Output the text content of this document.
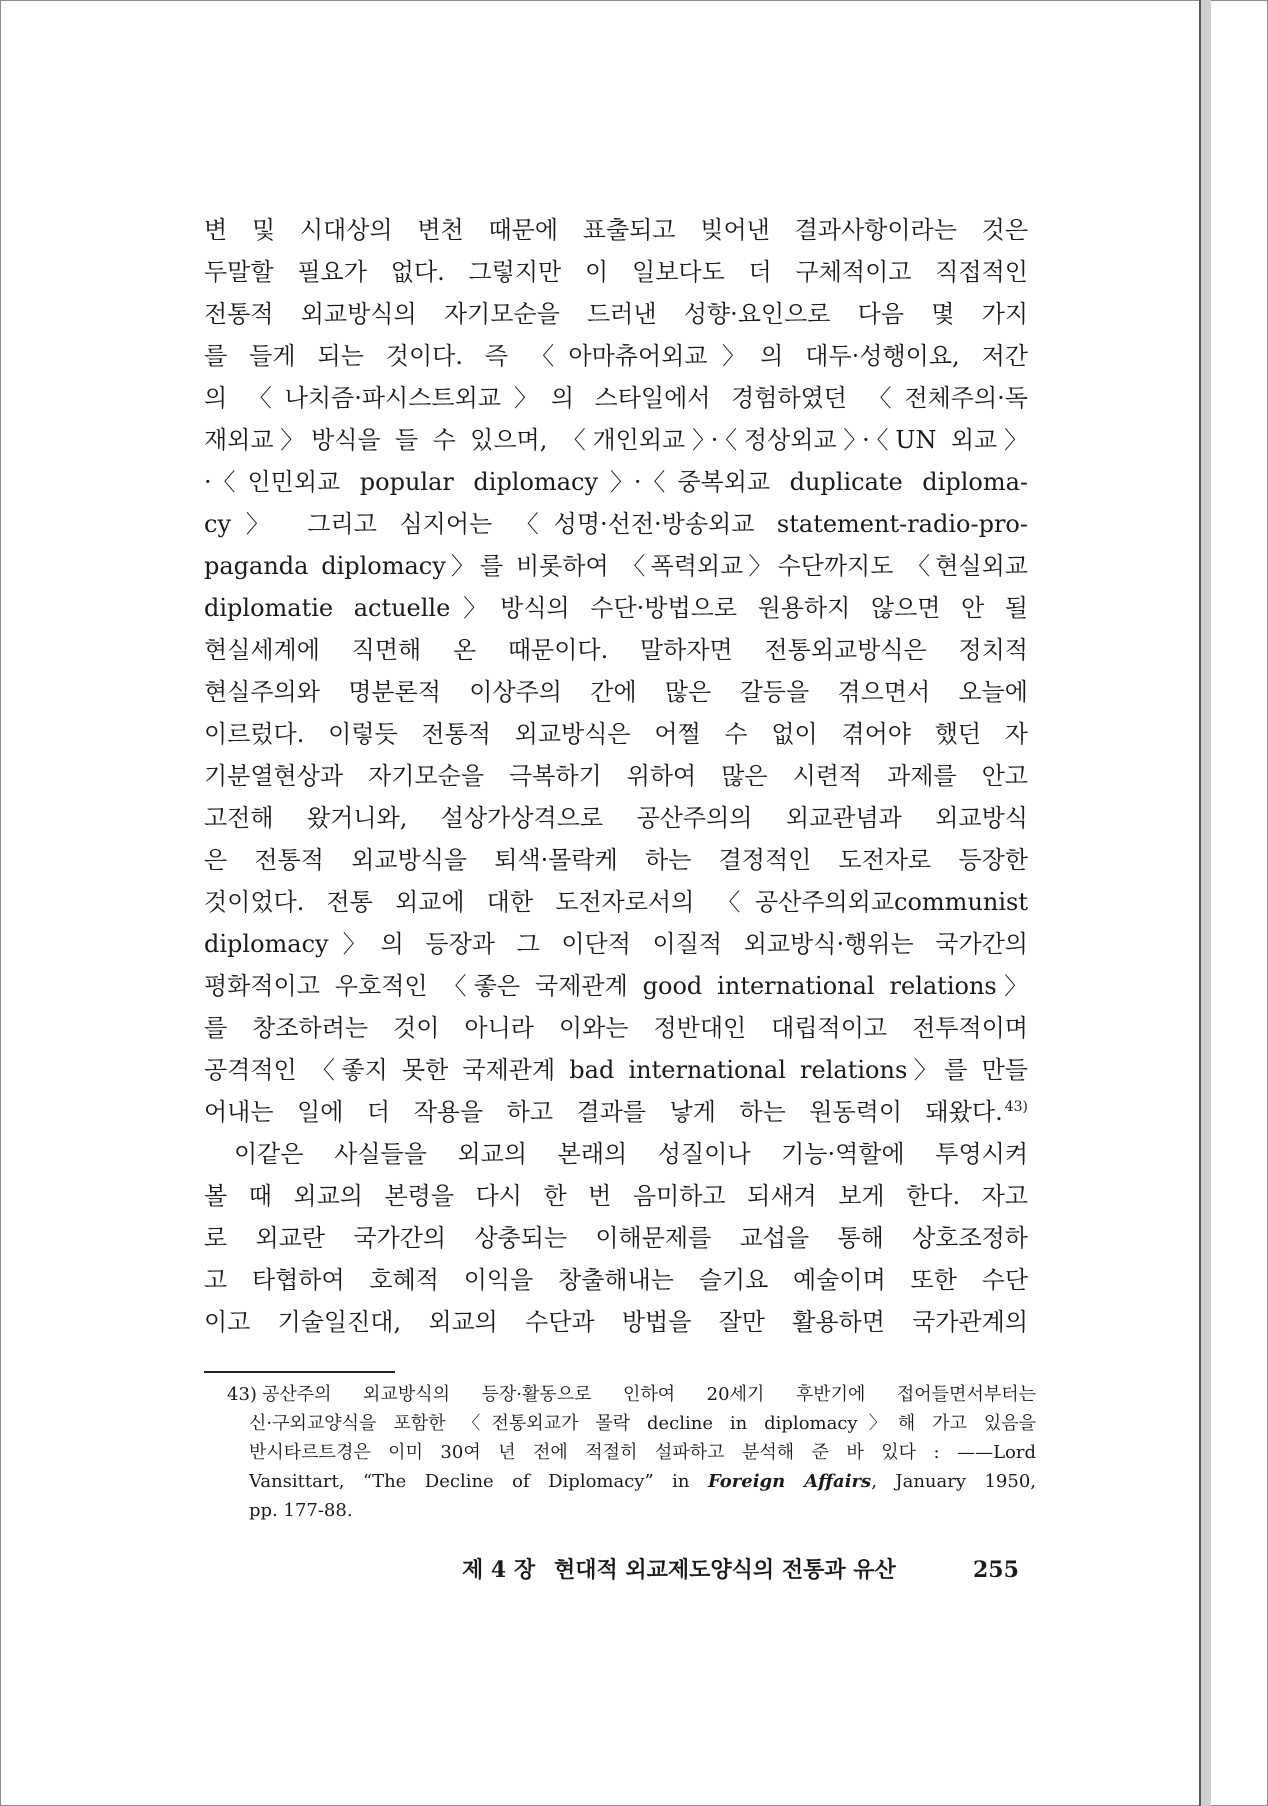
변 및 시대상의 변천 때문에 표출되고 빚어낸 결과사항이라는 것은
두말할 필요가 없다. 그렇지만 이 일보다도 더 구체적이고 직접적인
전통적 외교방식의 자기모순을 드러낸 성향·요인으로 다음 몇 가지
를 들게 되는 것이다. 즉 〈아마츄어외교〉의 대두·성행이요, 저간
의 〈나치즘·파시스트외교〉의 스타일에서 경험하였던 〈전체주의·독
재외교〉방식을 들 수 있으며, 〈개인외교〉·〈정상외교〉·〈UN 외교〉
·〈인민외교 popular diplomacy〉·〈중복외교 duplicate diploma-
cy〉 그리고 심지어는 〈성명·선전·방송외교 statement-radio-pro-
paganda diplomacy〉를 비롯하여 〈폭력외교〉수단까지도 〈현실외교
diplomatie actuelle〉방식의 수단·방법으로 원용하지 않으면 안 될
현실세계에 직면해 온 때문이다. 말하자면 전통외교방식은 정치적
현실주의와 명분론적 이상주의 간에 많은 갈등을 겪으면서 오늘에
이르렀다. 이렇듯 전통적 외교방식은 어쩔 수 없이 겪어야 했던 자
기분열현상과 자기모순을 극복하기 위하여 많은 시련적 과제를 안고
고전해 왔거니와, 설상가상격으로 공산주의의 외교관념과 외교방식
은 전통적 외교방식을 퇴색·몰락케 하는 결정적인 도전자로 등장한
것이었다. 전통 외교에 대한 도전자로서의 〈공산주의외교communist
diplomacy〉의 등장과 그 이단적 이질적 외교방식·행위는 국가간의
평화적이고 우호적인 〈좋은 국제관계 good international relations〉
를 창조하려는 것이 아니라 이와는 정반대인 대립적이고 전투적이며
공격적인 〈좋지 못한 국제관계 bad international relations〉를 만들
어내는 일에 더 작용을 하고 결과를 낳게 하는 원동력이 돼왔다. $^{43)}$
이같은 사실들을 외교의 본래의 성질이나 기능·역할에 투영시켜
볼 때 외교의 본령을 다시 한 번 음미하고 되새겨 보게 한다. 자고
로 외교란 국가간의 상충되는 이해문제를 교섭을 통해 상호조정하
고 타협하여 호혜적 이익을 창출해내는 슬기요 예술이며 또한 수단
이고 기술일진대, 외교의 수단과 방법을 잘만 활용하면 국가관계의
43) 공산주의 외교방식의 등장·활동으로 인하여 20세기 후반기에 접어들면서부터는
신·구외교양식을 포함한 〈전통외교가 몰락 decline in diplomacy〉해 가고 있음을
반시타르트경은 이미 30여 년 전에 적절히 설파하고 분석해 준 바 있다 : ——Lord
Vansittart, “The Decline of Diplomacy” in Foreign Affairs, January 1950,
pp. 177-88.
제 4 장 현대적 외교제도양식의 전통과 유산	255
